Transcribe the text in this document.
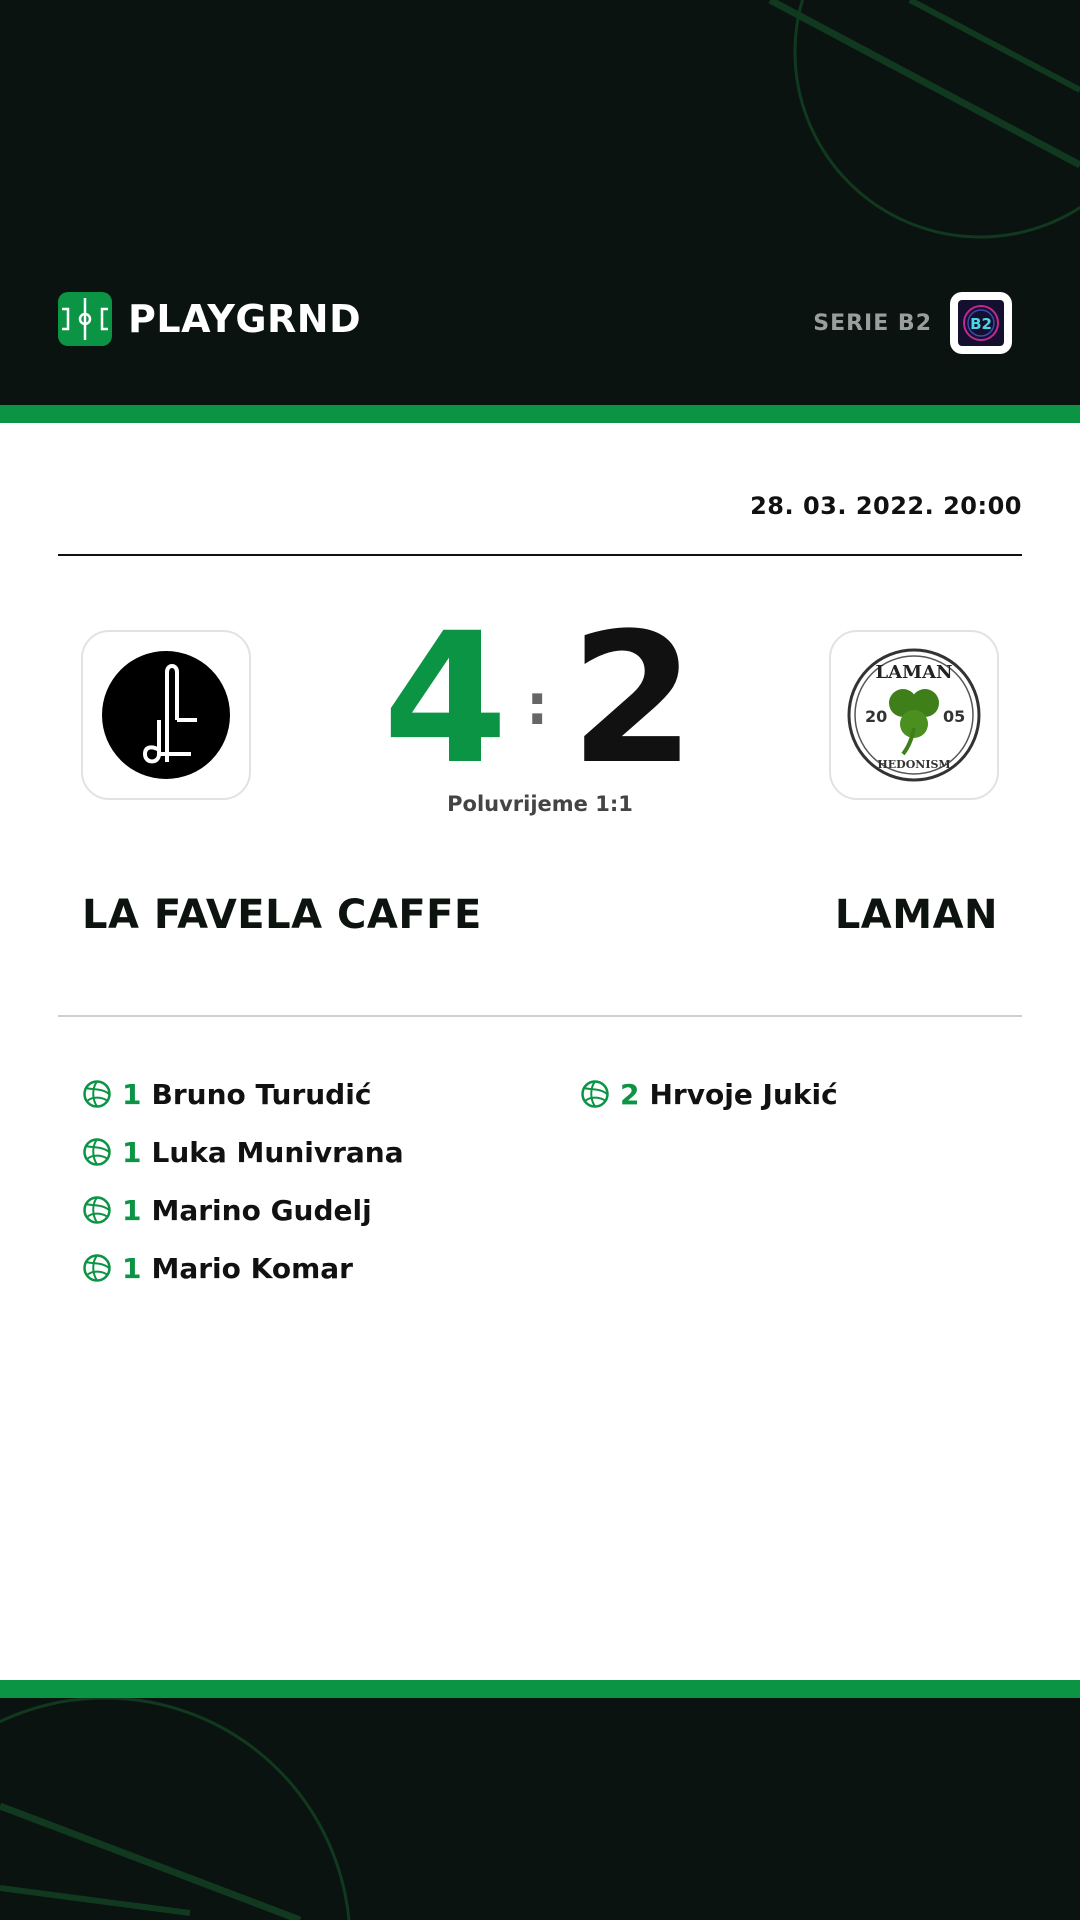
PLAYGRND	SERIE B2	B2
28. 03. 2022. 20:00
LAMAN
HEDONISM
20	05
4 : 2
Poluvrijeme 1:1
LA FAVELA CAFFE	LAMAN
1 Bruno Turudić
1 Luka Munivrana
1 Marino Gudelj
1 Mario Komar
2 Hrvoje Jukić
